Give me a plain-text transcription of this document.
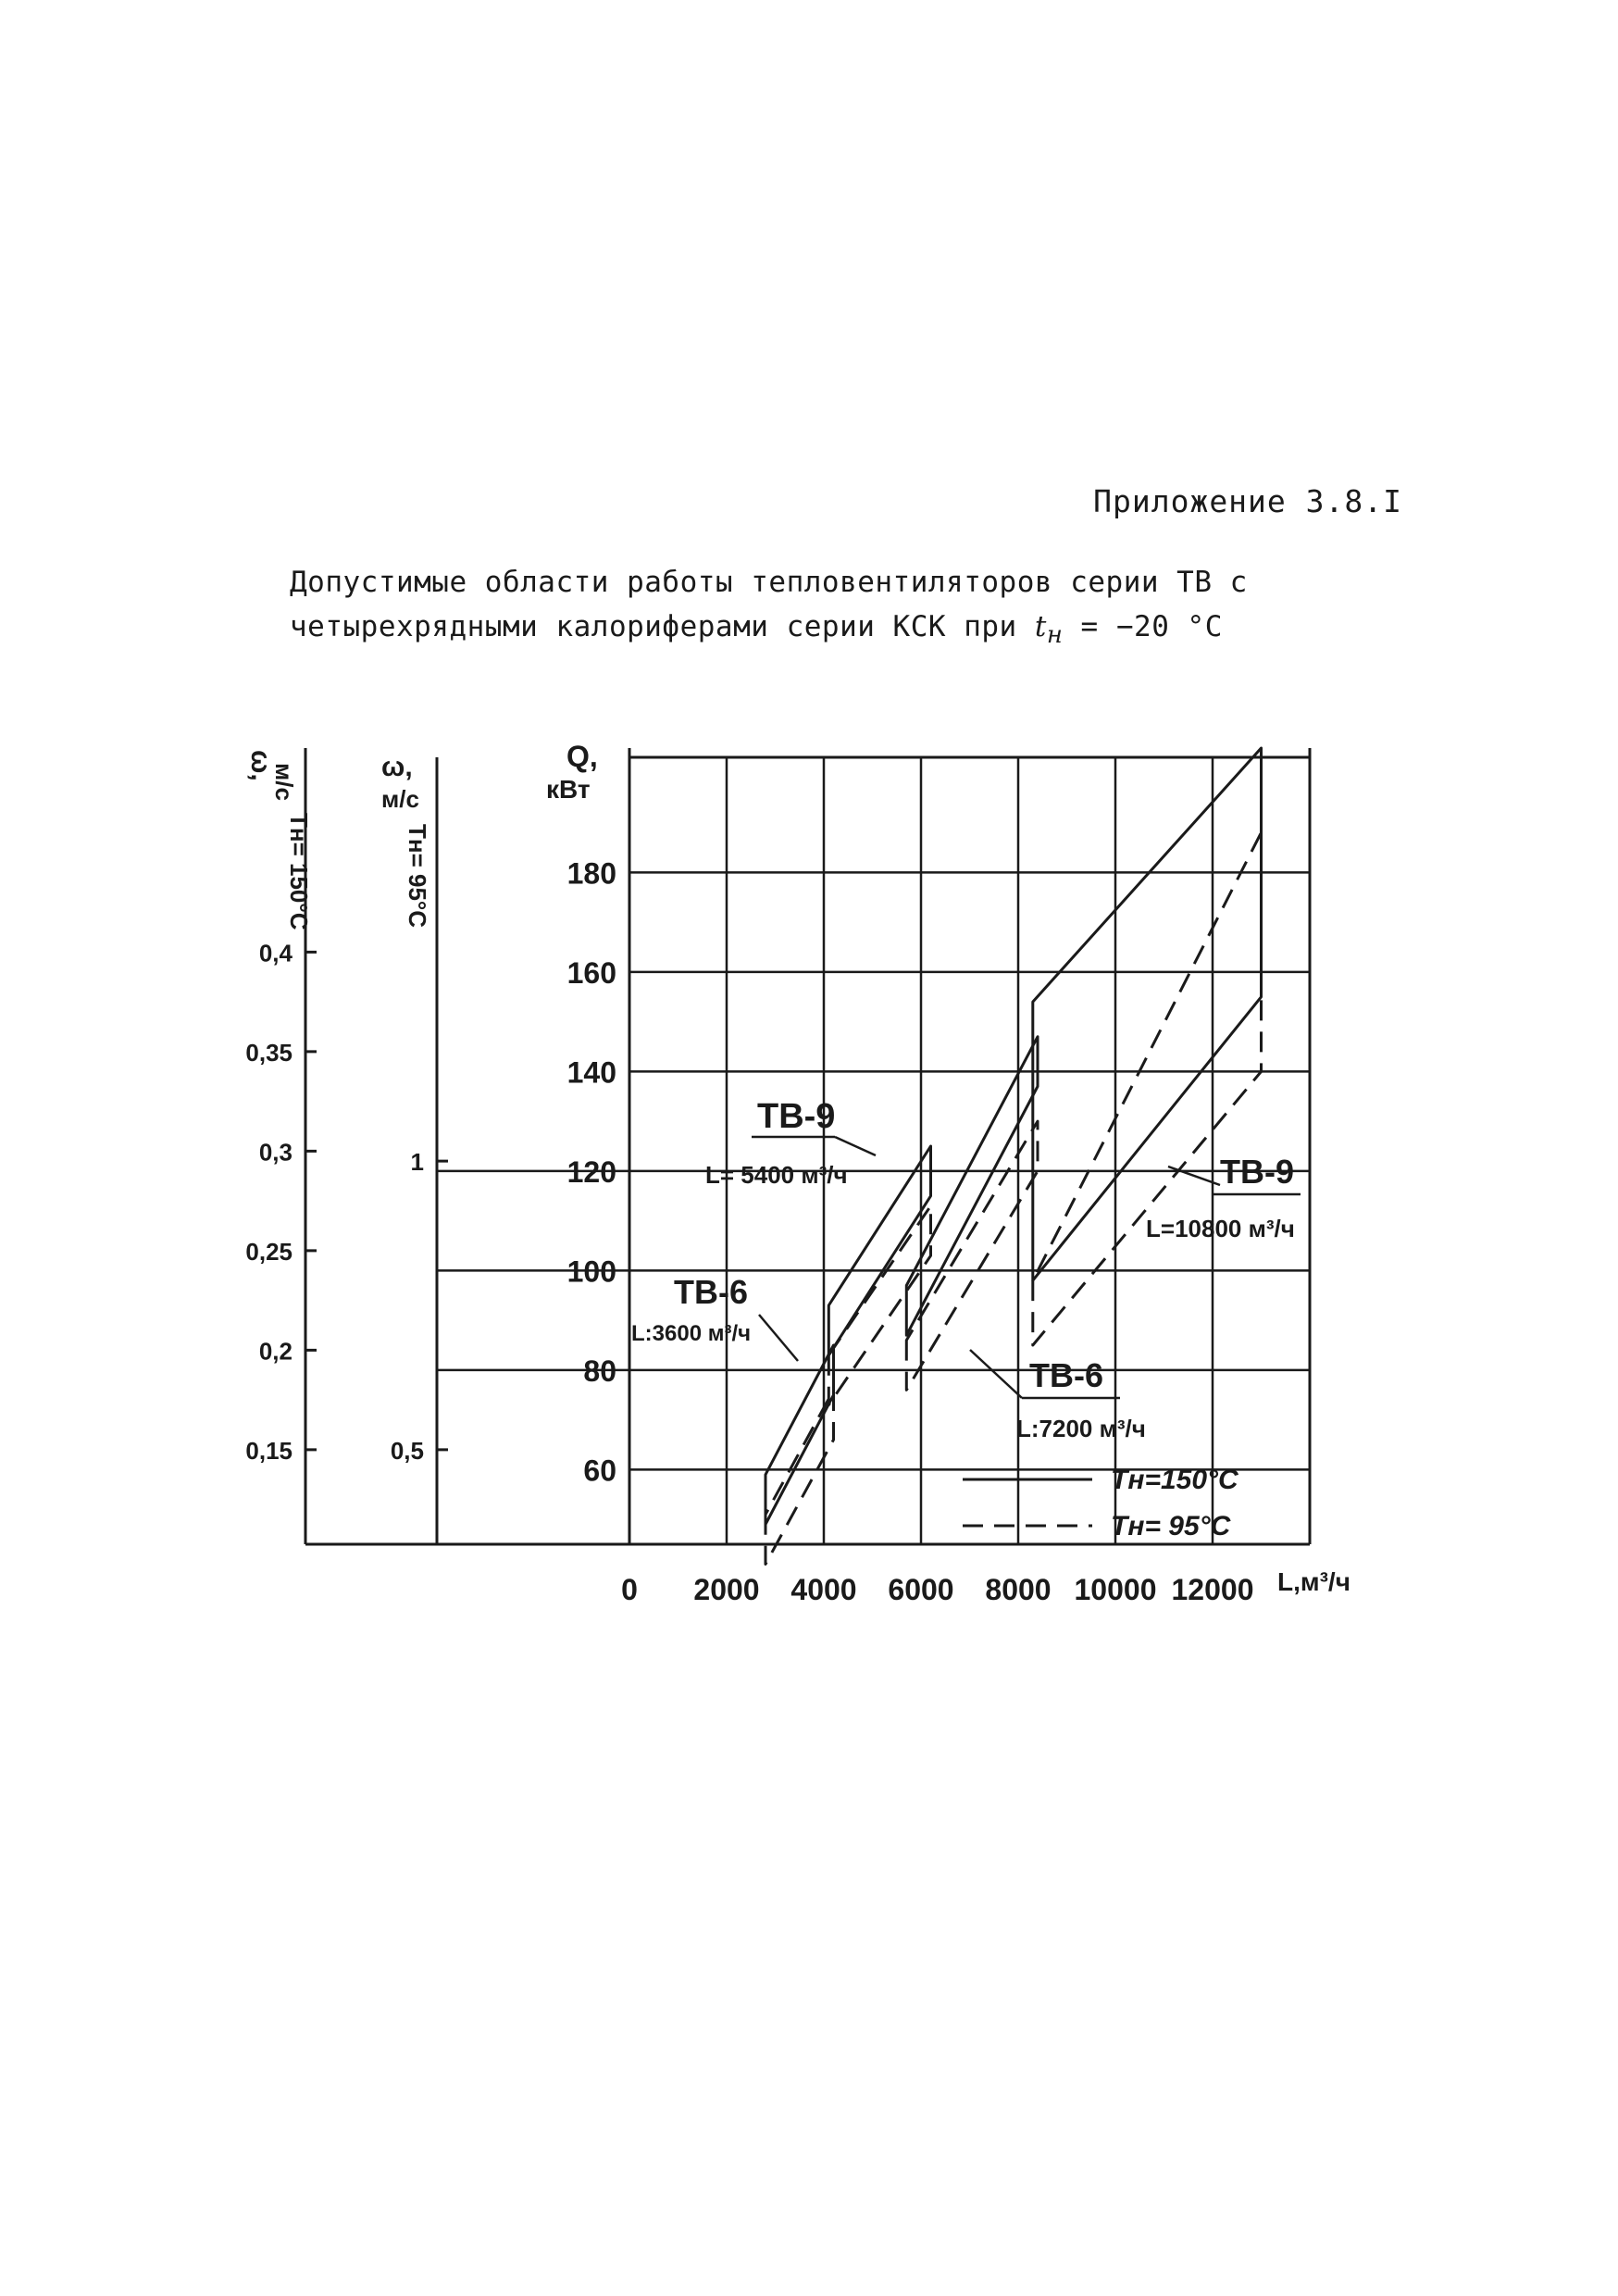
Приложение 3.8.I
Допустимые области работы тепловентиляторов серии ТВ с
четырехрядными калориферами серии КСК при $t_н = -20$ °С
0 2000 4000 6000 8000 10000 12000
60
80
100
120
140
160
180
0,4
0,35
0,3
0,25
0,2
0,15
1
0,5
Q,
кВт
L,м³/ч
ω,
м/с
Tн= 150°С
ω,
м/с
Tн= 95°С
ТВ-9
L= 5400 м³/ч	ТВ-9
L=10800 м³/ч
ТВ-6
L:3600 м³/ч
ТВ-6
L:7200 м³/ч
Tн=150°С
Tн= 95°С
